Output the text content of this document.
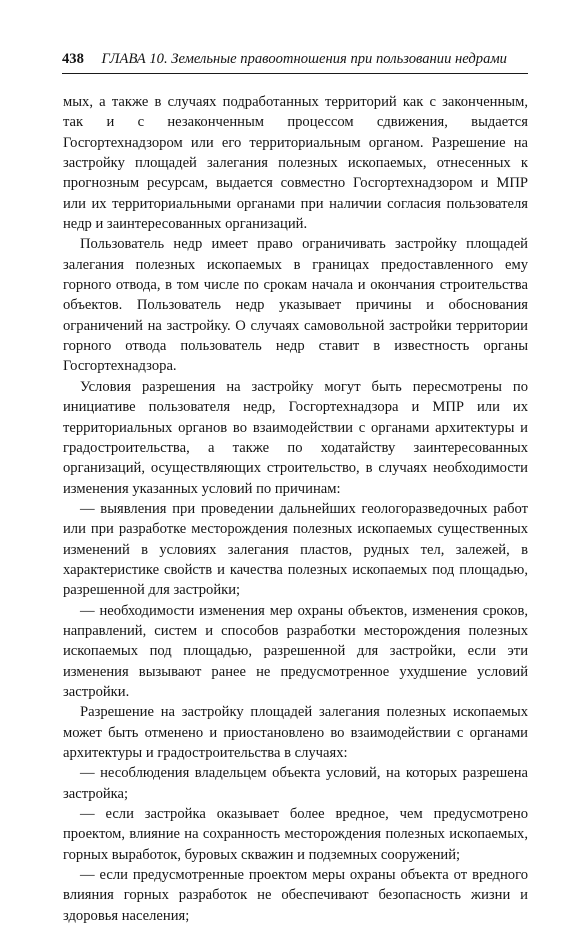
438 ГЛАВА 10. Земельные правоотношения при пользовании недрами

мых, а также в случаях подработанных территорий как с законченным, так и с незаконченным процессом сдвижения, выдается Госгортехнадзором или его территориальным органом. Разрешение на застройку площадей залегания полезных ископаемых, отнесенных к прогнозным ресурсам, выдается совместно Госгортехнадзором и МПР или их территориальными органами при наличии согласия пользователя недр и заинтересованных организаций.

Пользователь недр имеет право ограничивать застройку площадей залегания полезных ископаемых в границах предоставленного ему горного отвода, в том числе по срокам начала и окончания строительства объектов. Пользователь недр указывает причины и обоснования ограничений на застройку. О случаях самовольной застройки территории горного отвода пользователь недр ставит в известность органы Госгортехнадзора.

Условия разрешения на застройку могут быть пересмотрены по инициативе пользователя недр, Госгортехнадзора и МПР или их территориальных органов во взаимодействии с органами архитектуры и градостроительства, а также по ходатайству заинтересованных организаций, осуществляющих строительство, в случаях необходимости изменения указанных условий по причинам:

— выявления при проведении дальнейших геологоразведочных работ или при разработке месторождения полезных ископаемых существенных изменений в условиях залегания пластов, рудных тел, залежей, в характеристике свойств и качества полезных ископаемых под площадью, разрешенной для застройки;

— необходимости изменения мер охраны объектов, изменения сроков, направлений, систем и способов разработки месторождения полезных ископаемых под площадью, разрешенной для застройки, если эти изменения вызывают ранее не предусмотренное ухудшение условий застройки.

Разрешение на застройку площадей залегания полезных ископаемых может быть отменено и приостановлено во взаимодействии с органами архитектуры и градостроительства в случаях:

— несоблюдения владельцем объекта условий, на которых разрешена застройка;

— если застройка оказывает более вредное, чем предусмотрено проектом, влияние на сохранность месторождения полезных ископаемых, горных выработок, буровых скважин и подземных сооружений;

— если предусмотренные проектом меры охраны объекта от вредного влияния горных разработок не обеспечивают безопасность жизни и здоровья населения;
